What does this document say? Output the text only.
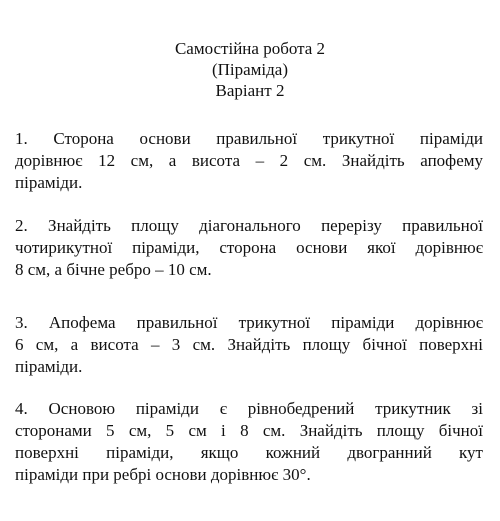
Самостійна робота 2
(Піраміда)
Варіант 2
1. Сторона основи правильної трикутної піраміди
дорівнює 12 см, а висота – 2 см. Знайдіть апофему
піраміди.
2. Знайдіть площу діагонального перерізу правильної
чотирикутної піраміди, сторона основи якої дорівнює
8 см, а бічне ребро – 10 см.
3. Апофема правильної трикутної піраміди дорівнює
6 см, а висота – 3 см. Знайдіть площу бічної поверхні
піраміди.
4. Основою піраміди є рівнобедрений трикутник зі
сторонами 5 см, 5 см і 8 см. Знайдіть площу бічної
поверхні піраміди, якщо кожний двогранний кут
піраміди при ребрі основи дорівнює 30°.
